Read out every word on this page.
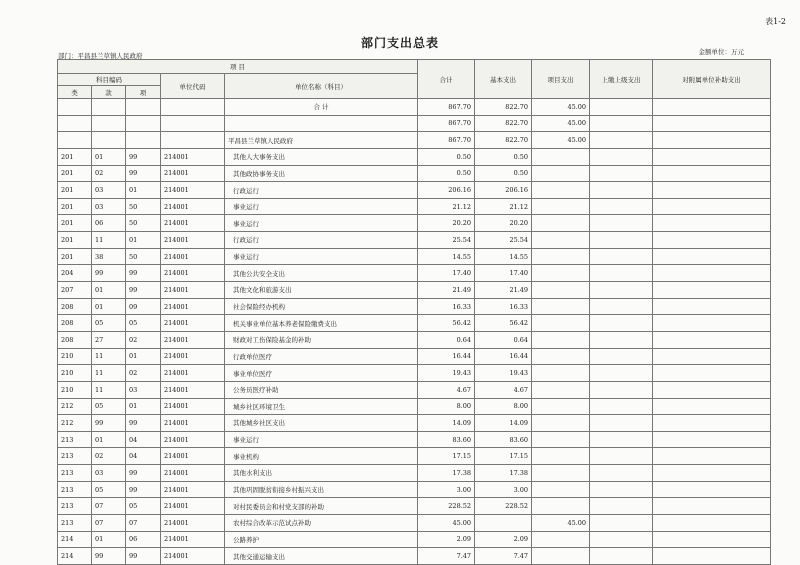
表1-2
部门支出总表
部门：平昌县兰草镇人民政府	金额单位：万元
项 目					合计	基本支出	项目支出	上缴上级支出	对附属单位补助支出
科目编码			单位代码	单位名称（科目）					
类	款	项							
				合 计	867.70	822.70	45.00		
					867.70	822.70	45.00		
				平昌县兰草镇人民政府	867.70	822.70	45.00		
201	01	99	214001	其他人大事务支出	0.50	0.50			
201	02	99	214001	其他政协事务支出	0.50	0.50			
201	03	01	214001	行政运行	206.16	206.16			
201	03	50	214001	事业运行	21.12	21.12			
201	06	50	214001	事业运行	20.20	20.20			
201	11	01	214001	行政运行	25.54	25.54			
201	38	50	214001	事业运行	14.55	14.55			
204	99	99	214001	其他公共安全支出	17.40	17.40			
207	01	99	214001	其他文化和旅游支出	21.49	21.49			
208	01	09	214001	社会保险经办机构	16.33	16.33			
208	05	05	214001	机关事业单位基本养老保险缴费支出	56.42	56.42			
208	27	02	214001	财政对工伤保险基金的补助	0.64	0.64			
210	11	01	214001	行政单位医疗	16.44	16.44			
210	11	02	214001	事业单位医疗	19.43	19.43			
210	11	03	214001	公务员医疗补助	4.67	4.67			
212	05	01	214001	城乡社区环境卫生	8.00	8.00			
212	99	99	214001	其他城乡社区支出	14.09	14.09			
213	01	04	214001	事业运行	83.60	83.60			
213	02	04	214001	事业机构	17.15	17.15			
213	03	99	214001	其他水利支出	17.38	17.38			
213	05	99	214001	其他巩固脱贫衔接乡村振兴支出	3.00	3.00			
213	07	05	214001	对村民委员会和村党支部的补助	228.52	228.52			
213	07	07	214001	农村综合改革示范试点补助	45.00		45.00		
214	01	06	214001	公路养护	2.09	2.09			
214	99	99	214001	其他交通运输支出	7.47	7.47			
